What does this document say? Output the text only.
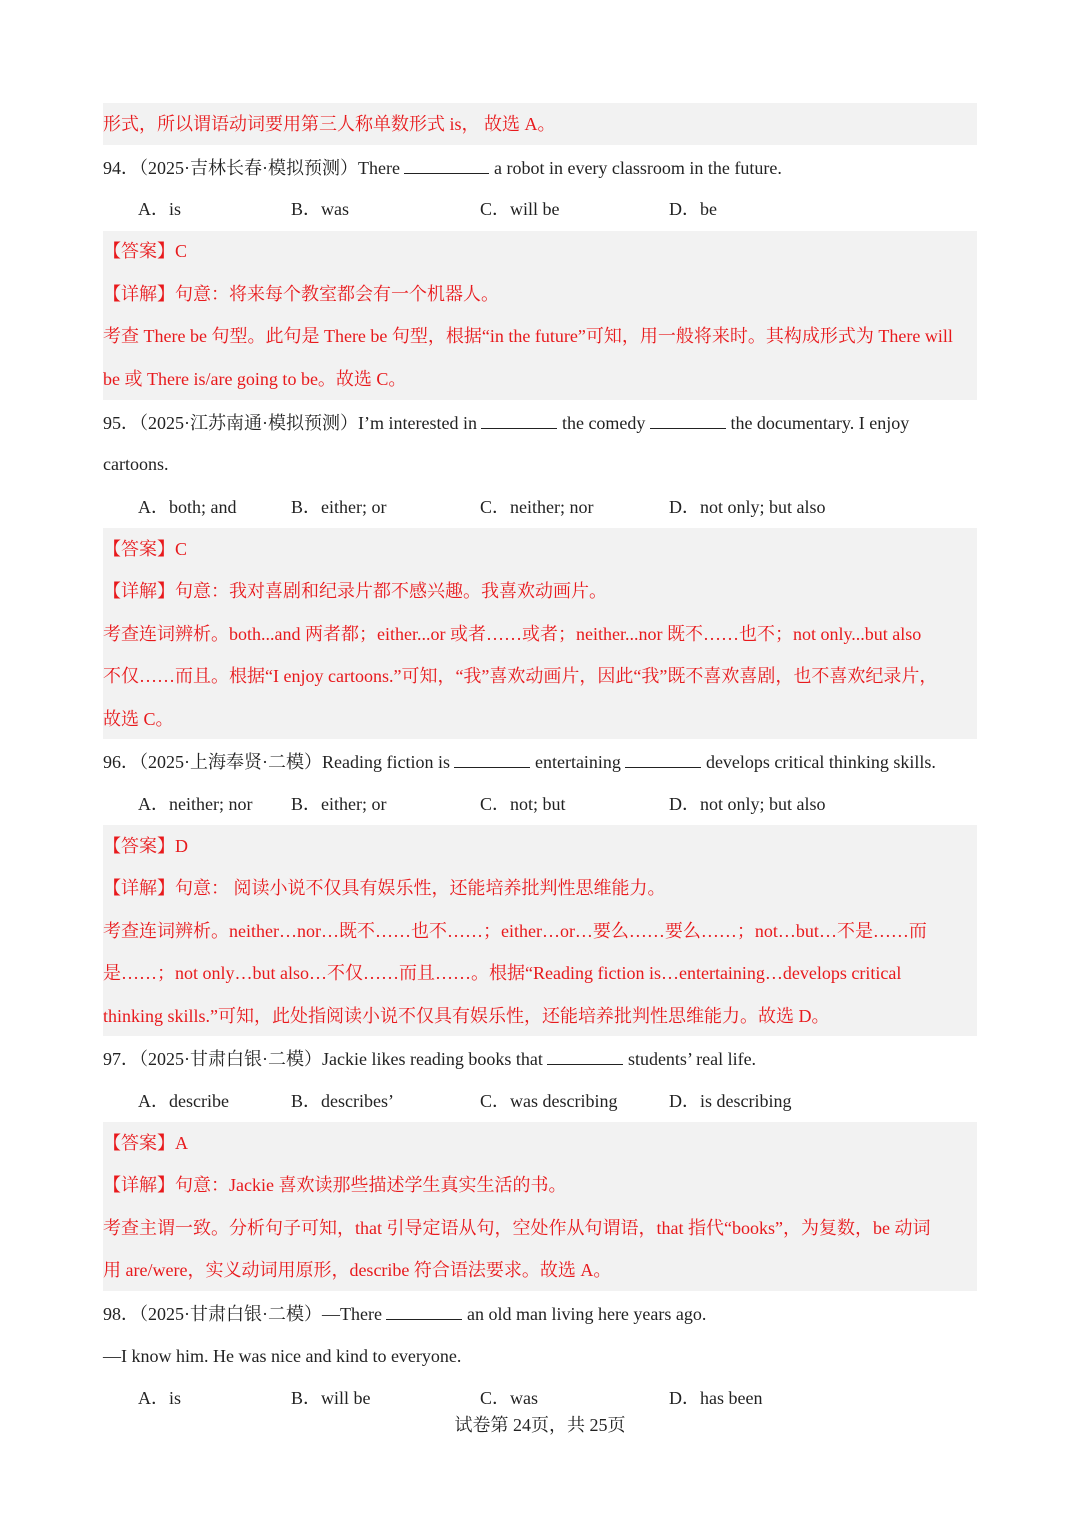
形式，所以谓语动词要用第三人称单数形式 is， 故选 A。
94．（2025·吉林长春·模拟预测）There	a robot in every classroom in the future.
A．is	B．was	C．will be	D．be
【答案】C
【详解】句意：将来每个教室都会有一个机器人。
考查 There be 句型。此句是 There be 句型，根据“in the future”可知，用一般将来时。其构成形式为 There will
be 或 There is/are going to be。故选 C。
95．（2025·江苏南通·模拟预测）I’m interested in	the comedy	the documentary. I enjoy
cartoons.
A．both; and	B．either; or	C．neither; nor	D．not only; but also
【答案】C
【详解】句意：我对喜剧和纪录片都不感兴趣。我喜欢动画片。
考查连词辨析。both...and 两者都；either...or 或者……或者；neither...nor 既不……也不；not only...but also
不仅……而且。根据“I enjoy cartoons.”可知，“我”喜欢动画片，因此“我”既不喜欢喜剧，也不喜欢纪录片，
故选 C。
96．（2025·上海奉贤·二模）Reading fiction is	entertaining	develops critical thinking skills.
A．neither; nor B．either; or	C．not; but	D．not only; but also
【答案】D
【详解】句意： 阅读小说不仅具有娱乐性，还能培养批判性思维能力。
考查连词辨析。neither…nor…既不……也不……；either…or…要么……要么……；not…but…不是……而
是……；not only…but also…不仅……而且……。根据“Reading fiction is…entertaining…develops critical
thinking skills.”可知，此处指阅读小说不仅具有娱乐性，还能培养批判性思维能力。故选 D。
97．（2025·甘肃白银·二模）Jackie likes reading books that	students’ real life.
A．describe	B．describes’	C．was describing	D．is describing
【答案】A
【详解】句意：Jackie 喜欢读那些描述学生真实生活的书。
考查主谓一致。分析句子可知，that 引导定语从句，空处作从句谓语，that 指代“books”，为复数，be 动词
用 are/were，实义动词用原形，describe 符合语法要求。故选 A。
98．（2025·甘肃白银·二模）—There	an old man living here years ago.
—I know him. He was nice and kind to everyone.
A．is	B．will be	C．was	D．has been
试卷第 24页，共 25页
